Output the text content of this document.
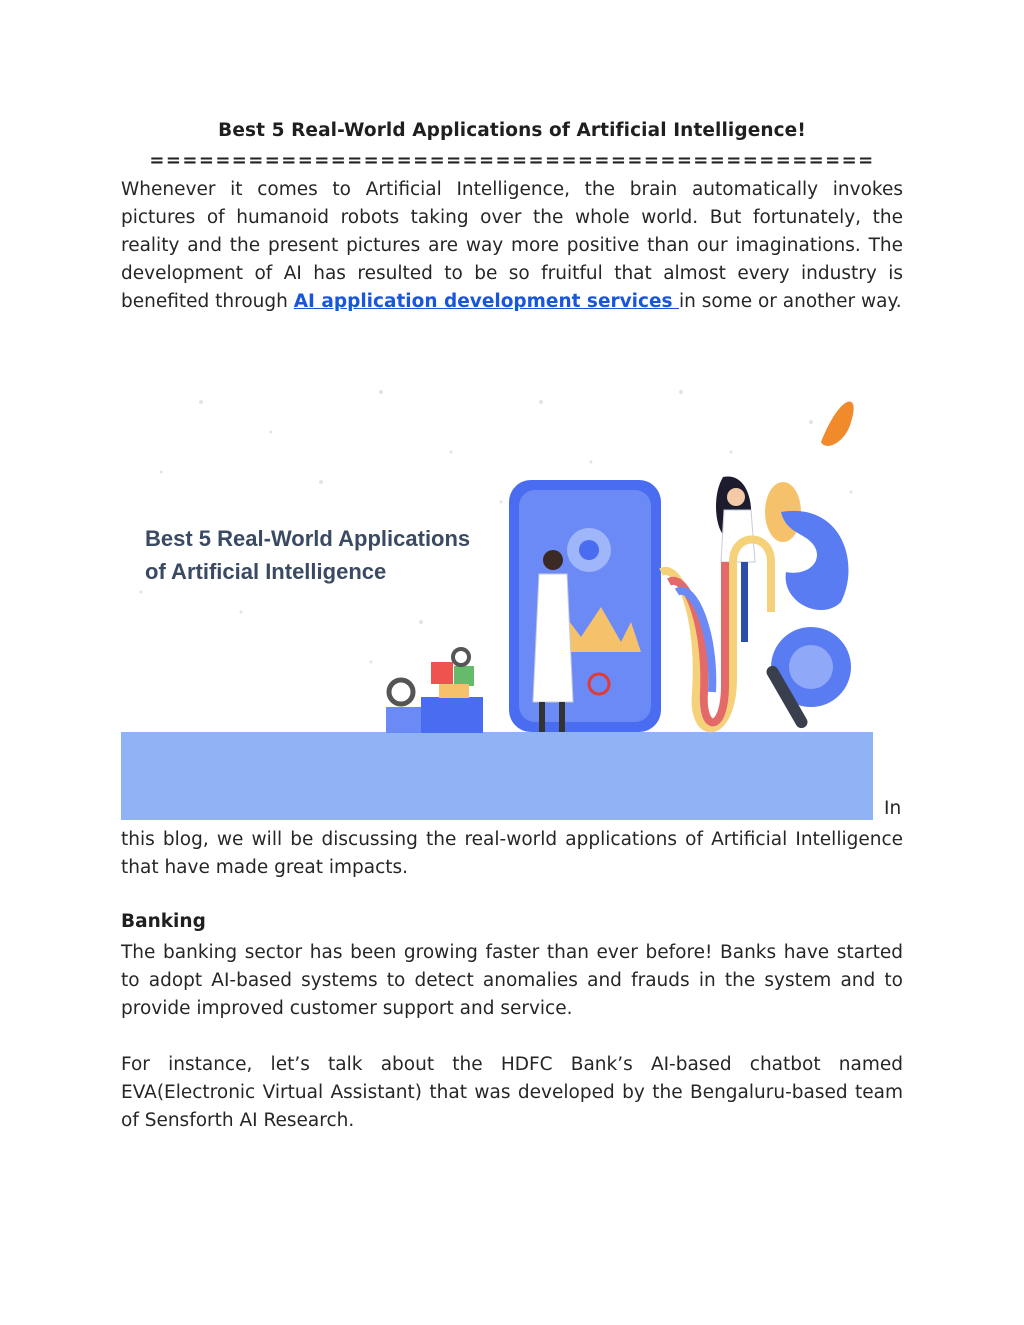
Best 5 Real-World Applications of Artificial Intelligence!
============================================
Whenever it comes to Artificial Intelligence, the brain automatically invokes pictures of humanoid robots taking over the whole world. But fortunately, the reality and the present pictures are way more positive than our imaginations. The development of AI has resulted to be so fruitful that almost every industry is benefited through AI application development services in some or another way.
this blog, we will be discussing the real-world applications of Artificial Intelligence that have made great impacts.
Banking
The banking sector has been growing faster than ever before! Banks have started to adopt AI-based systems to detect anomalies and frauds in the system and to provide improved customer support and service.
For instance, let’s talk about the HDFC Bank’s AI-based chatbot named EVA(Electronic Virtual Assistant) that was developed by the Bengaluru-based team of Sensforth AI Research.
Best 5 Real-World Applications
of Artificial Intelligence
In
